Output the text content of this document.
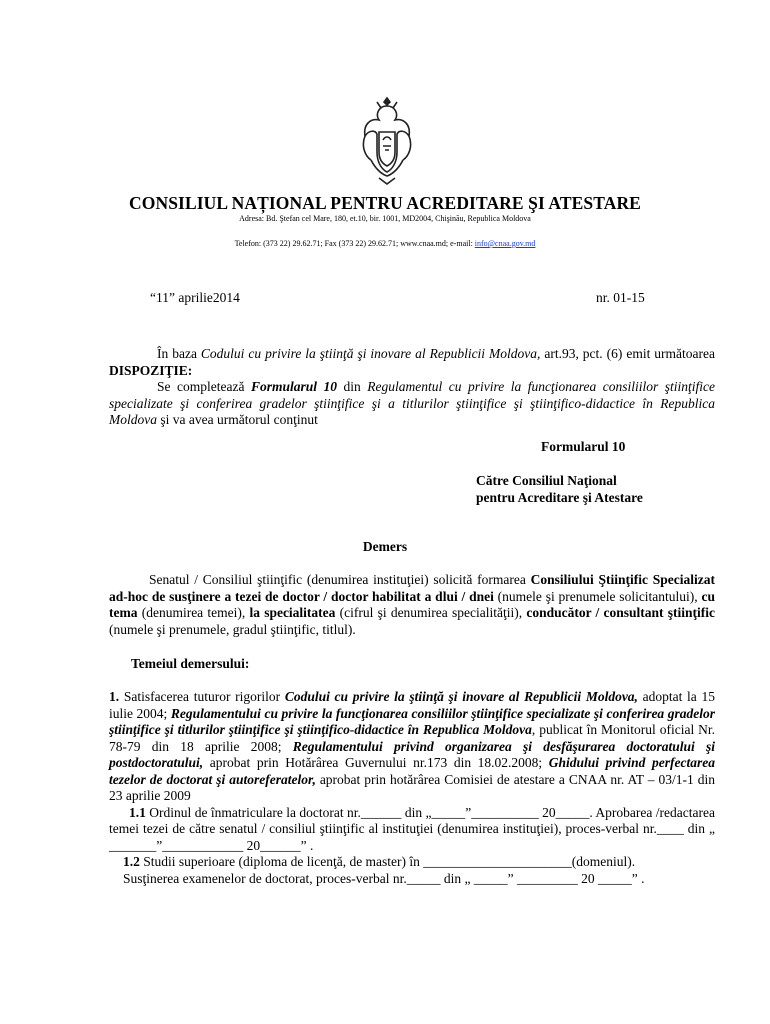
CONSILIUL NAȚIONAL PENTRU ACREDITARE ŞI ATESTARE
Adresa: Bd. Ştefan cel Mare, 180, et.10, bir. 1001, MD2004, Chişinău, Republica Moldova
Telefon: (373 22) 29.62.71; Fax (373 22) 29.62.71; www.cnaa.md; e-mail: info@cnaa.gov.md
“11” aprilie2014	nr. 01-15

În baza Codului cu privire la ştiinţă şi inovare al Republicii Moldova, art.93, pct. (6) emit următoarea DISPOZIŢIE:

Se completează Formularul 10 din Regulamentul cu privire la funcţionarea consiliilor ştiinţifice specializate şi conferirea gradelor ştiinţifice şi a titlurilor ştiinţifice şi ştiinţifico-didactice în Republica Moldova şi va avea următorul conţinut

Formularul 10
Către Consiliul Naţional
pentru Acreditare şi Atestare
Demers

Senatul / Consiliul ştiinţific (denumirea instituţiei) solicită formarea Consiliului Ştiinţific Specializat ad-hoc de susţinere a tezei de doctor / doctor habilitat a dlui / dnei (numele şi prenumele solicitantului), cu tema (denumirea temei), la specialitatea (cifrul şi denumirea specialităţii), conducător / consultant ştiinţific (numele şi prenumele, gradul ştiinţific, titlul).

Temeiul demersului:

1. Satisfacerea tuturor rigorilor Codului cu privire la ştiinţă şi inovare al Republicii Moldova, adoptat la 15 iulie 2004; Regulamentului cu privire la funcţionarea consiliilor ştiinţifice specializate şi conferirea gradelor ştiinţifice şi titlurilor ştiinţifice şi ştiinţifico-didactice în Republica Moldova, publicat în Monitorul oficial Nr. 78-79 din 18 aprilie 2008; Regulamentului privind organizarea şi desfăşurarea doctoratului şi postdoctoratului, aprobat prin Hotărârea Guvernului nr.173 din 18.02.2008; Ghidului privind perfectarea tezelor de doctorat şi autoreferatelor, aprobat prin hotărârea Comisiei de atestare a CNAA nr. AT – 03/1-1 din 23 aprilie 2009

1.1 Ordinul de înmatriculare la doctorat nr.______ din „_____”__________ 20_____. Aprobarea /redactarea temei tezei de către senatul / consiliul ştiinţific al instituţiei (denumirea instituţiei), proces-verbal nr.____ din „ _______”____________ 20______” .

1.2 Studii superioare (diploma de licenţă, de master) în ______________________(domeniul).

Susţinerea examenelor de doctorat, proces-verbal nr._____ din „ _____” _________ 20 _____” .
